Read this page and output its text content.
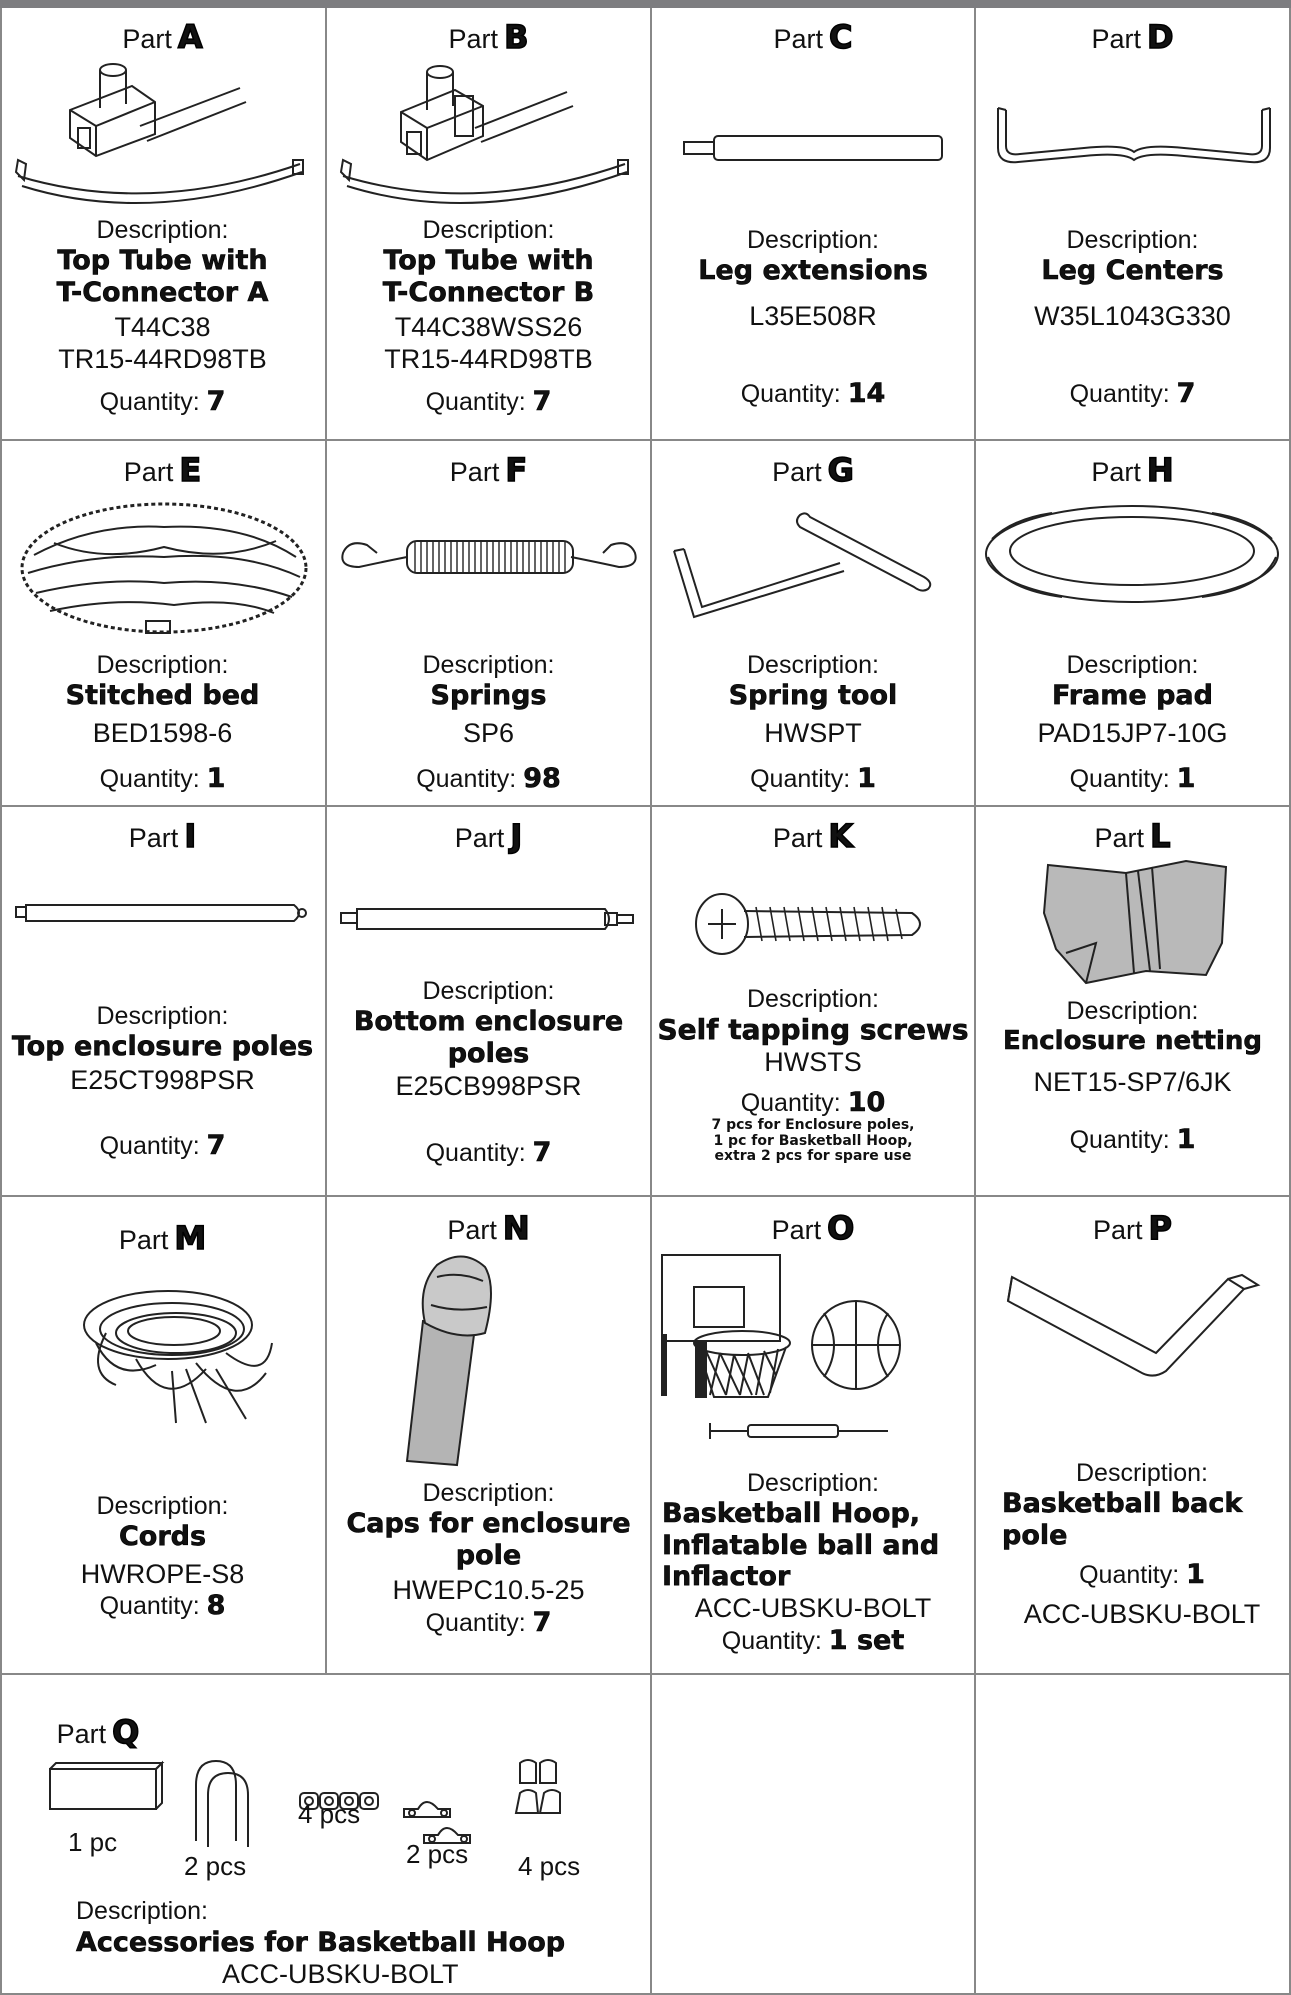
Part A
Description:
Top Tube with
T-Connector A
T44C38
TR15-44RD98TB
Quantity: 7
Part B
Description:
Top Tube with
T-Connector B
T44C38WSS26
TR15-44RD98TB
Quantity: 7
Part C
Description:
Leg extensions
L35E508R
Quantity: 14
Part D
Description:
Leg Centers
W35L1043G330
Quantity: 7
Part E
Description:
Stitched bed
BED1598-6
Quantity: 1
Part F
Description:
Springs
SP6
Quantity: 98
Part G
Description:
Spring tool
HWSPT
Quantity: 1
Part H
Description:
Frame pad
PAD15JP7-10G
Quantity: 1
Part I
Description:
Top enclosure poles
E25CT998PSR
Quantity: 7
Part J
Description:
Bottom enclosure
poles
E25CB998PSR
Quantity: 7
Part K
Description:
Self tapping screws
HWSTS
Quantity: 10
7 pcs for Enclosure poles,
1 pc for Basketball Hoop,
extra 2 pcs for spare use
Part L
Description:
Enclosure netting
NET15-SP7/6JK
Quantity: 1
Part M
Description:
Cords
HWROPE-S8
Quantity: 8
Part N
Description:
Caps for enclosure
pole
HWEPC10.5-25
Quantity: 7
Part O
Description:
Basketball Hoop,
Inflatable ball and
Inflactor
ACC-UBSKU-BOLT
Quantity: 1 set
Part P
Description:
Basketball back
pole
Quantity: 1
ACC-UBSKU-BOLT
Part Q
1 pc
2 pcs
4 pcs
2 pcs 4 pcs
Description:
Accessories for Basketball Hoop
ACC-UBSKU-BOLT
